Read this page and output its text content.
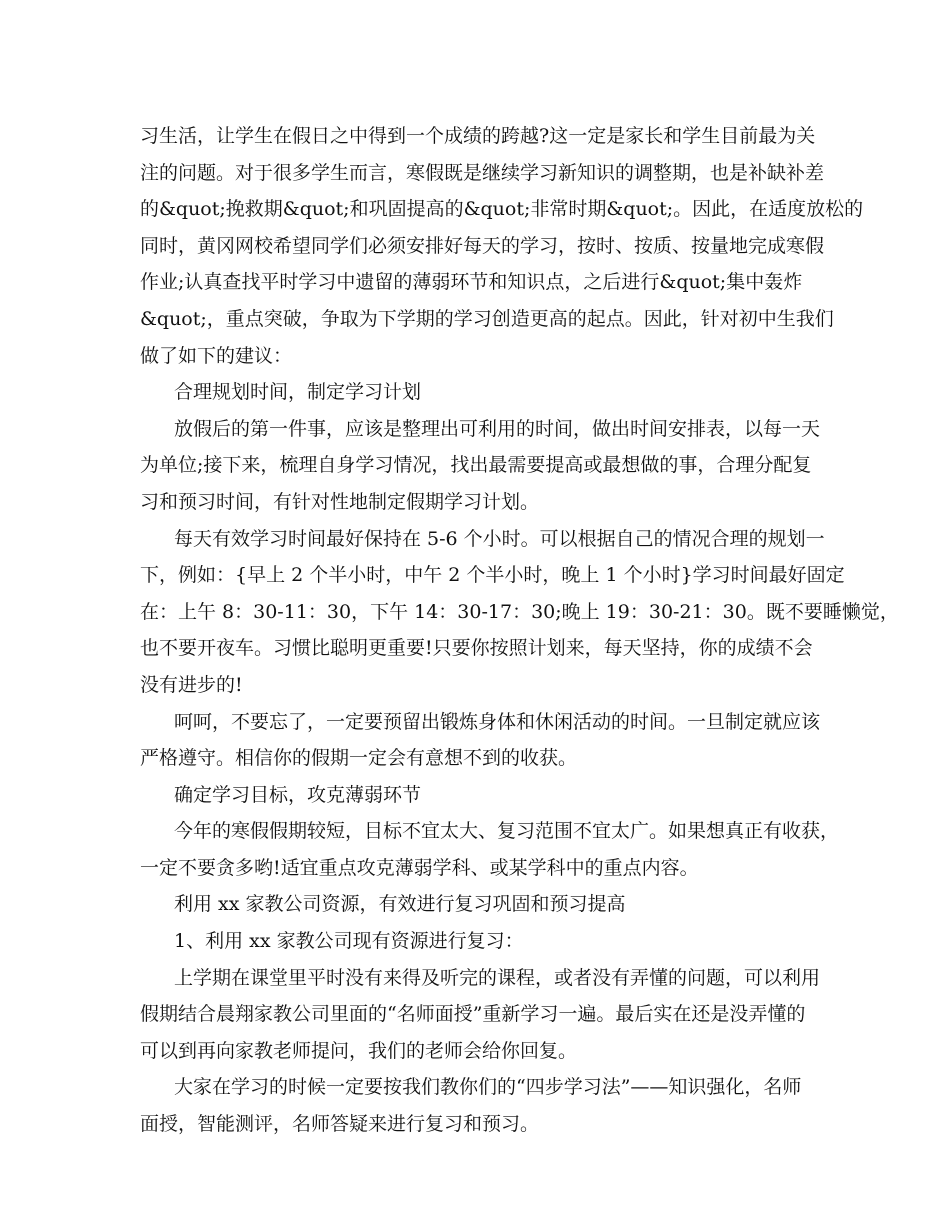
习生活，让学生在假日之中得到一个成绩的跨越?这一定是家长和学生目前最为关
注的问题。对于很多学生而言，寒假既是继续学习新知识的调整期，也是补缺补差
的&quot;挽救期&quot;和巩固提高的&quot;非常时期&quot;。因此，在适度放松的
同时，黄冈网校希望同学们必须安排好每天的学习，按时、按质、按量地完成寒假
作业;认真查找平时学习中遗留的薄弱环节和知识点，之后进行&quot;集中轰炸
&quot;，重点突破，争取为下学期的学习创造更高的起点。因此，针对初中生我们
做了如下的建议：
合理规划时间，制定学习计划
放假后的第一件事，应该是整理出可利用的时间，做出时间安排表，以每一天
为单位;接下来，梳理自身学习情况，找出最需要提高或最想做的事，合理分配复
习和预习时间，有针对性地制定假期学习计划。
每天有效学习时间最好保持在 5-6 个小时。可以根据自己的情况合理的规划一
下，例如：{早上 2 个半小时，中午 2 个半小时，晚上 1 个小时}学习时间最好固定
在：上午 8：30-11：30，下午 14：30-17：30;晚上 19：30-21：30。既不要睡懒觉，
也不要开夜车。习惯比聪明更重要!只要你按照计划来，每天坚持，你的成绩不会
没有进步的!
呵呵，不要忘了，一定要预留出锻炼身体和休闲活动的时间。一旦制定就应该
严格遵守。相信你的假期一定会有意想不到的收获。
确定学习目标，攻克薄弱环节
今年的寒假假期较短，目标不宜太大、复习范围不宜太广。如果想真正有收获，
一定不要贪多哟!适宜重点攻克薄弱学科、或某学科中的重点内容。
利用 xx 家教公司资源，有效进行复习巩固和预习提高
1、利用 xx 家教公司现有资源进行复习：
上学期在课堂里平时没有来得及听完的课程，或者没有弄懂的问题，可以利用
假期结合晨翔家教公司里面的“名师面授”重新学习一遍。最后实在还是没弄懂的
可以到再向家教老师提问，我们的老师会给你回复。
大家在学习的时候一定要按我们教你们的“四步学习法”——知识强化，名师
面授，智能测评，名师答疑来进行复习和预习。
